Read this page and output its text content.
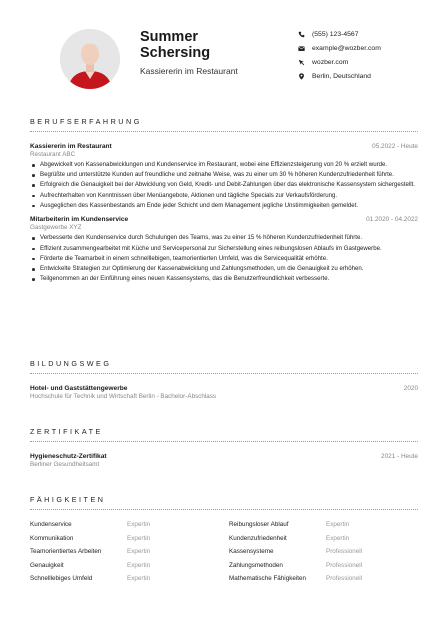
Summer
Schersing
Kassiererin im Restaurant
(555) 123-4567
example@wozber.com
wozber.com
Berlin, Deutschland
BERUFSERFAHRUNG
Kassiererin im Restaurant	05.2022 - Heute
Restaurant ABC
Abgewickelt von Kassenabwicklungen und Kundenservice im Restaurant, wobei eine Effizienzsteigerung von 20 % erzielt wurde.
Begrüßte und unterstützte Kunden auf freundliche und zeitnahe Weise, was zu einer um 30 % höheren Kundenzufriedenheit führte.
Erfolgreich die Genauigkeit bei der Abwicklung von Geld, Kredit- und Debit-Zahlungen über das elektronische Kassensystem sichergestellt.
Aufrechterhalten von Kenntnissen über Menüangebote, Aktionen und tägliche Specials zur Verkaufsförderung.
Ausgeglichen des Kassenbestands am Ende jeder Schicht und dem Management jegliche Unstimmigkeiten gemeldet.
Mitarbeiterin im Kundenservice	01.2020 - 04.2022
Gastgewerbe XYZ
Verbesserte den Kundenservice durch Schulungen des Teams, was zu einer 15 % höheren Kundenzufriedenheit führte.
Effizient zusammengearbeitet mit Küche und Servicepersonal zur Sicherstellung eines reibungslosen Ablaufs im Gastgewerbe.
Förderte die Teamarbeit in einem schnelllebigen, teamorientierten Umfeld, was die Servicequalität erhöhte.
Entwickelte Strategien zur Optimierung der Kassenabwicklung und Zahlungsmethoden, um die Genauigkeit zu erhöhen.
Teilgenommen an der Einführung eines neuen Kassensystems, das die Benutzerfreundlichkeit verbesserte.
BILDUNGSWEG
Hotel- und Gaststättengewerbe	2020
Hochschule für Technik und Wirtschaft Berlin - Bachelor-Abschlass
ZERTIFIKATE
Hygieneschutz-Zertifikat	2021 - Heute
Berliner Gesundheitsamt
FÄHIGKEITEN
Kundenservice	Expertin	Reibungsloser Ablauf	Expertin
Kommunikation	Expertin	Kundenzufriedenheit	Expertin
Teamorientiertes Arbeiten	Expertin	Kassensysteme	Professionell
Genauigkeit	Expertin	Zahlungsmethoden	Professionell
Schnelllebiges Umfeld	Expertin	Mathematische Fähigkeiten	Professionell
